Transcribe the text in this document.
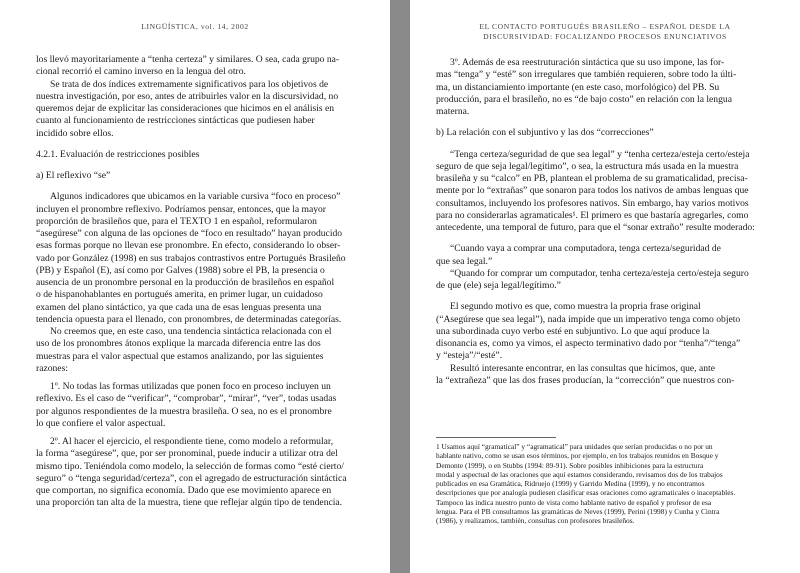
LINGÜÍSTICA, vol. 14, 2002

los llevó mayoritariamente a “tenha certeza” y similares. O sea, cada grupo na-

cional recorrió el camino inverso en la lengua del otro.

Se trata de dos índices extremamente significativos para los objetivos de

nuestra investigación, por eso, antes de atribuirles valor en la discursividad, no

queremos dejar de explicitar las consideraciones que hicimos en el análisis en

cuanto al funcionamiento de restricciones sintácticas que pudiesen haber

incidido sobre ellos.

4.2.1. Evaluación de restricciones posibles

a) El reflexivo “se”

Algunos indicadores que ubicamos en la variable cursiva “foco en proceso”

incluyen el pronombre reflexivo. Podríamos pensar, entonces, que la mayor

proporción de brasileños que, para el TEXTO 1 en español, reformularon

“asegúrese” con alguna de las opciones de “foco en resultado” hayan producido

esas formas porque no llevan ese pronombre. En efecto, considerando lo obser-

vado por González (1998) en sus trabajos contrastivos entre Portugués Brasileño

(PB) y Español (E), así como por Galves (1988) sobre el PB, la presencia o

ausencia de un pronombre personal en la producción de brasileños en español

o de hispanohablantes en portugués amerita, en primer lugar, un cuidadoso

examen del plano sintáctico, ya que cada una de esas lenguas presenta una

tendencia opuesta para el llenado, con pronombres, de determinadas categorías.

No creemos que, en este caso, una tendencia sintáctica relacionada con el

uso de los pronombres átonos explique la marcada diferencia entre las dos

muestras para el valor aspectual que estamos analizando, por las siguientes

razones:

1º. No todas las formas utilizadas que ponen foco en proceso incluyen un

reflexivo. Es el caso de “verificar”, “comprobar”, “mirar”, “ver”, todas usadas

por algunos respondientes de la muestra brasileña. O sea, no es el pronombre

lo que confiere el valor aspectual.

2º. Al hacer el ejercicio, el respondiente tiene, como modelo a reformular,

la forma “asegúrese”, que, por ser pronominal, puede inducir a utilizar otra del

mismo tipo. Teniéndola como modelo, la selección de formas como “esté cierto/

seguro” o “tenga seguridad/certeza”, con el agregado de estructuración sintáctica

que comportan, no significa economía. Dado que ese movimiento aparece en

una proporción tan alta de la muestra, tiene que reflejar algún tipo de tendencia.

EL CONTACTO PORTUGUÉS BRASILEÑO – ESPAÑOL DESDE LA
DISCURSIVIDAD: FOCALIZANDO PROCESOS ENUNCIATIVOS

3º. Además de esa reestruturación sintáctica que su uso impone, las for-

mas “tenga” y “esté” son irregulares que también requieren, sobre todo la últi-

ma, un distanciamiento importante (en este caso, morfológico) del PB. Su

producción, para el brasileño, no es “de bajo costo” en relación con la lengua

materna.

b) La relación con el subjuntivo y las dos “correcciones”

“Tenga certeza/seguridad de que sea legal” y “tenha certeza/esteja certo/esteja

seguro de que seja legal/legítimo”, o sea, la estructura más usada en la muestra

brasileña y su “calco” en PB, plantean el problema de su gramaticalidad, precisa-

mente por lo “extrañas” que sonaron para todos los nativos de ambas lenguas que

consultamos, incluyendo los profesores nativos. Sin embargo, hay varios motivos

para no considerarlas agramaticales¹. El primero es que bastaría agregarles, como

antecedente, una temporal de futuro, para que el “sonar extraño” resulte moderado:

“Cuando vaya a comprar una computadora, tenga certeza/seguridad de

que sea legal.”

“Quando for comprar um computador, tenha certeza/esteja certo/esteja seguro

de que (ele) seja legal/legítimo.”

El segundo motivo es que, como muestra la propria frase original

(“Asegúrese que sea legal”), nada impide que un imperativo tenga como objeto

una subordinada cuyo verbo esté en subjuntivo. Lo que aquí produce la

disonancia es, como ya vimos, el aspecto terminativo dado por “tenha”/“tenga”

y “esteja”/“esté”.

Resultó interesante encontrar, en las consultas que hicimos, que, ante

la “extrañeza” que las dos frases producían, la “corrección” que nuestros con-

1 Usamos aquí “gramatical” y “agramatical” para unidades que serían producidas o no por un

hablante nativo, como se usan esos términos, por ejemplo, en los trabajos reunidos en Bosque y

Demonte (1999), o en Stubbs (1994: 89-91). Sobre posibles inhibiciones para la estructura

modal y aspectual de las oraciones que aquí estamos considerando, revisamos dos de los trabajos

publicados en esa Gramática, Ridruejo (1999) y Garrido Medina (1999), y no encontramos

descripciones que por analogía pudiesen clasificar esas oraciones como agramaticales o inaceptables.

Tampoco las indica nuestro punto de vista como hablante nativo de español y profesor de esa

lengua. Para el PB consultamos las gramáticas de Neves (1999), Perini (1998) y Cunha y Cintra

(1986), y realizamos, también, consultas con profesores brasileños.
